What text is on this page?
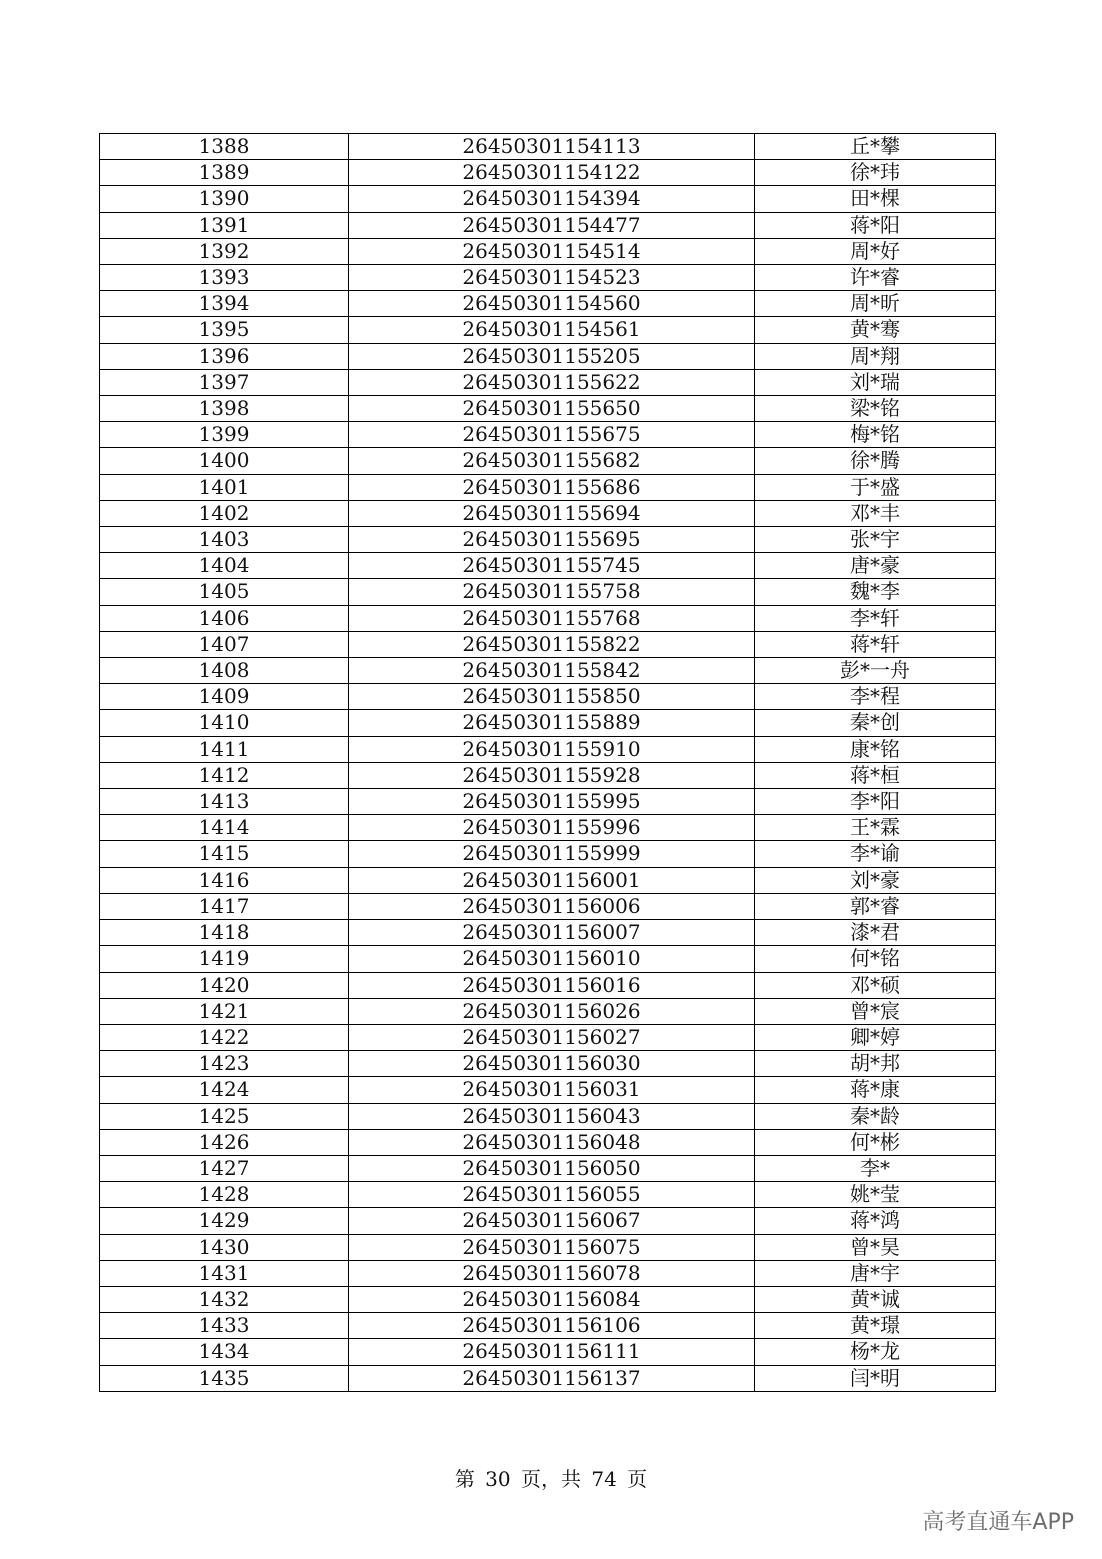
1388	26450301154113	丘*攀
1389	26450301154122	徐*玮
1390	26450301154394	田*棵
1391	26450301154477	蒋*阳
1392	26450301154514	周*好
1393	26450301154523	许*睿
1394	26450301154560	周*昕
1395	26450301154561	黄*骞
1396	26450301155205	周*翔
1397	26450301155622	刘*瑞
1398	26450301155650	梁*铭
1399	26450301155675	梅*铭
1400	26450301155682	徐*腾
1401	26450301155686	于*盛
1402	26450301155694	邓*丰
1403	26450301155695	张*宇
1404	26450301155745	唐*豪
1405	26450301155758	魏*李
1406	26450301155768	李*轩
1407	26450301155822	蒋*轩
1408	26450301155842	彭*一舟
1409	26450301155850	李*程
1410	26450301155889	秦*创
1411	26450301155910	康*铭
1412	26450301155928	蒋*桓
1413	26450301155995	李*阳
1414	26450301155996	王*霖
1415	26450301155999	李*谕
1416	26450301156001	刘*豪
1417	26450301156006	郭*睿
1418	26450301156007	漆*君
1419	26450301156010	何*铭
1420	26450301156016	邓*硕
1421	26450301156026	曾*宸
1422	26450301156027	卿*婷
1423	26450301156030	胡*邦
1424	26450301156031	蒋*康
1425	26450301156043	秦*龄
1426	26450301156048	何*彬
1427	26450301156050	李*
1428	26450301156055	姚*莹
1429	26450301156067	蒋*鸿
1430	26450301156075	曾*昊
1431	26450301156078	唐*宇
1432	26450301156084	黄*诚
1433	26450301156106	黄*璟
1434	26450301156111	杨*龙
1435	26450301156137	闫*明
第 30 页，共 74 页
高考直通车APP
